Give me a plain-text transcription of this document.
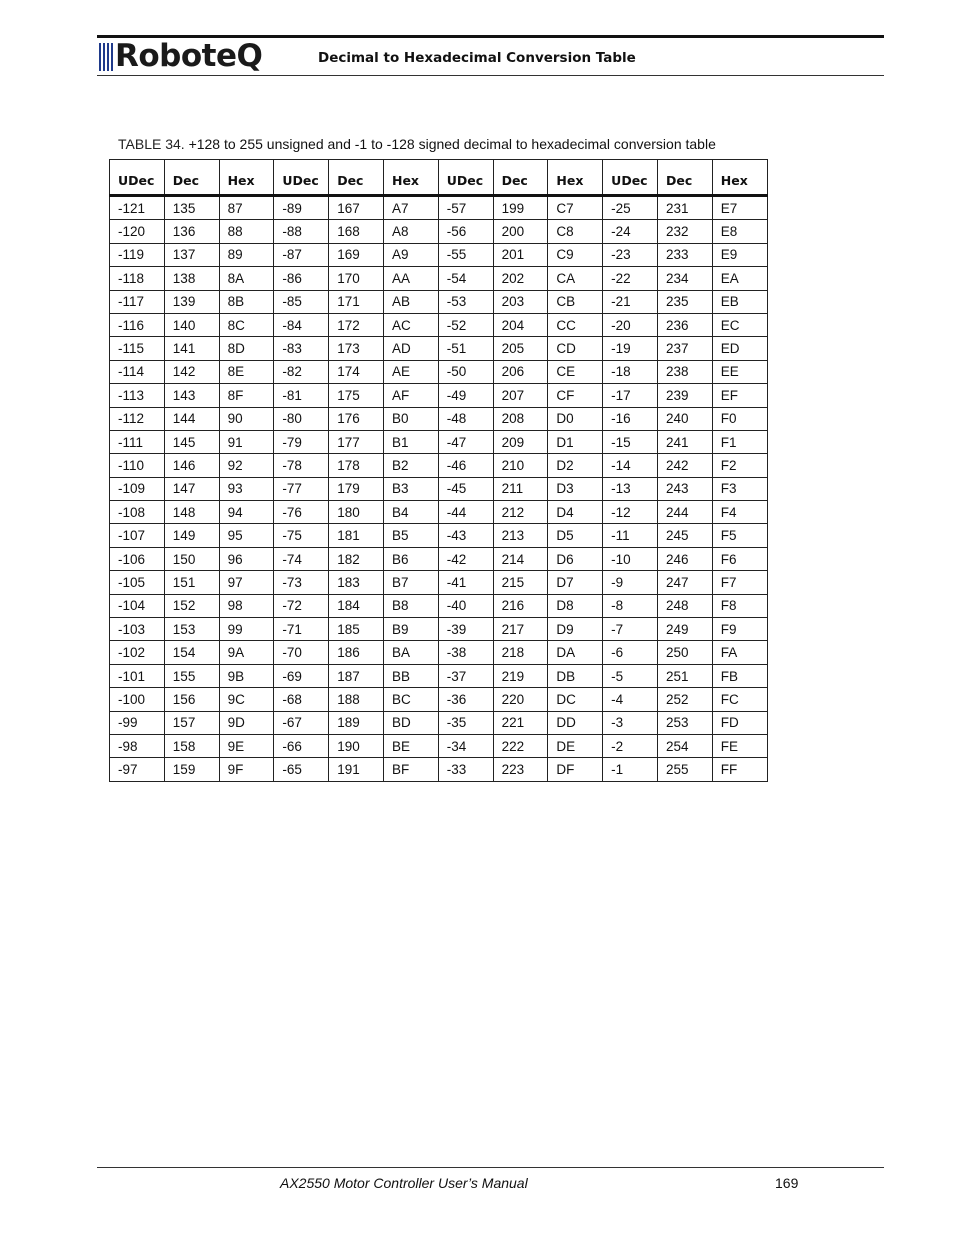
RoboteQ	Decimal to Hexadecimal Conversion Table
TABLE 34. +128 to 255 unsigned and -1 to -128 signed decimal to hexadecimal conversion table
UDec	Dec	Hex	UDec	Dec	Hex	UDec	Dec	Hex	UDec	Dec	Hex
-121	135	87	-89	167	A7	-57	199	C7	-25	231	E7
-120	136	88	-88	168	A8	-56	200	C8	-24	232	E8
-119	137	89	-87	169	A9	-55	201	C9	-23	233	E9
-118	138	8A	-86	170	AA	-54	202	CA	-22	234	EA
-117	139	8B	-85	171	AB	-53	203	CB	-21	235	EB
-116	140	8C	-84	172	AC	-52	204	CC	-20	236	EC
-115	141	8D	-83	173	AD	-51	205	CD	-19	237	ED
-114	142	8E	-82	174	AE	-50	206	CE	-18	238	EE
-113	143	8F	-81	175	AF	-49	207	CF	-17	239	EF
-112	144	90	-80	176	B0	-48	208	D0	-16	240	F0
-111	145	91	-79	177	B1	-47	209	D1	-15	241	F1
-110	146	92	-78	178	B2	-46	210	D2	-14	242	F2
-109	147	93	-77	179	B3	-45	211	D3	-13	243	F3
-108	148	94	-76	180	B4	-44	212	D4	-12	244	F4
-107	149	95	-75	181	B5	-43	213	D5	-11	245	F5
-106	150	96	-74	182	B6	-42	214	D6	-10	246	F6
-105	151	97	-73	183	B7	-41	215	D7	-9	247	F7
-104	152	98	-72	184	B8	-40	216	D8	-8	248	F8
-103	153	99	-71	185	B9	-39	217	D9	-7	249	F9
-102	154	9A	-70	186	BA	-38	218	DA	-6	250	FA
-101	155	9B	-69	187	BB	-37	219	DB	-5	251	FB
-100	156	9C	-68	188	BC	-36	220	DC	-4	252	FC
-99	157	9D	-67	189	BD	-35	221	DD	-3	253	FD
-98	158	9E	-66	190	BE	-34	222	DE	-2	254	FE
-97	159	9F	-65	191	BF	-33	223	DF	-1	255	FF
AX2550 Motor Controller User’s Manual	169
